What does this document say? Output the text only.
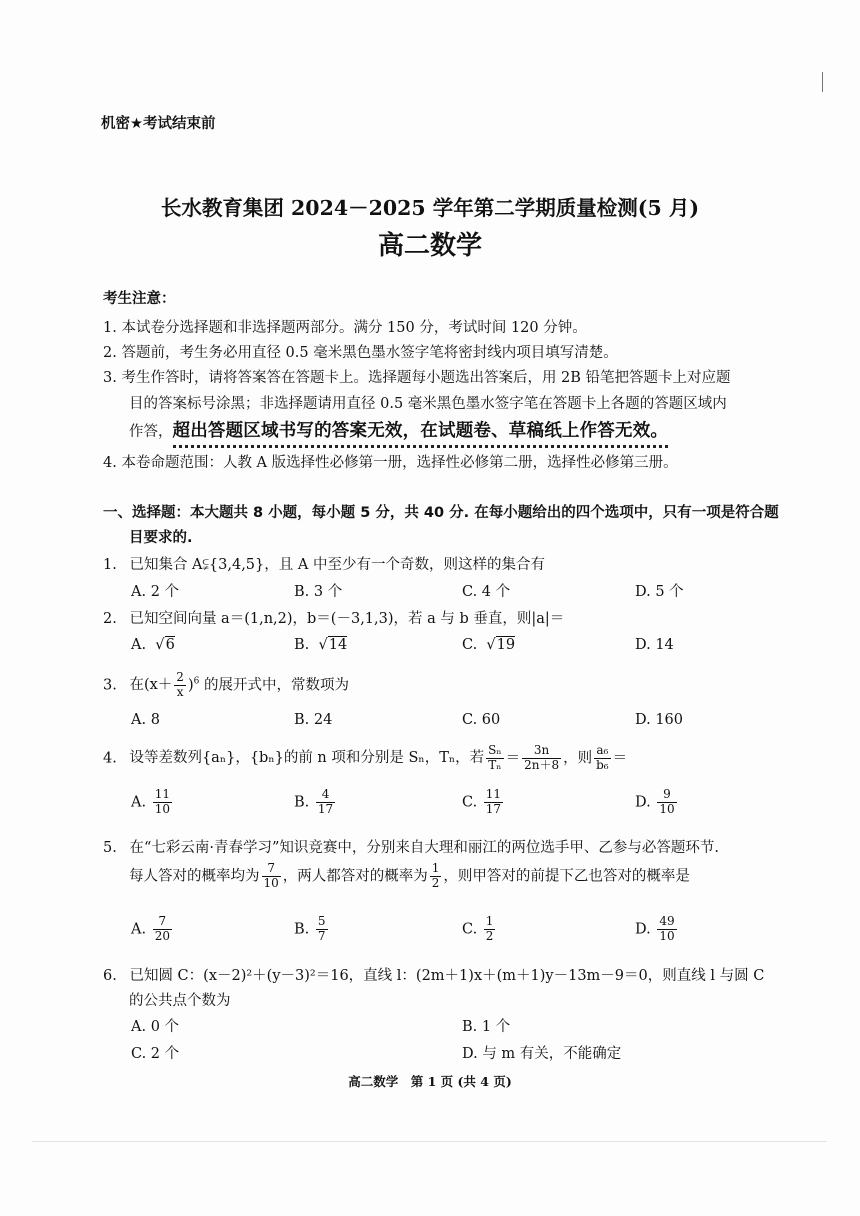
机密★考试结束前
长水教育集团 2024－2025 学年第二学期质量检测(5 月)
高二数学
考生注意：
1. 本试卷分选择题和非选择题两部分。满分 150 分，考试时间 120 分钟。
2. 答题前，考生务必用直径 0.5 毫米黑色墨水签字笔将密封线内项目填写清楚。
3. 考生作答时，请将答案答在答题卡上。选择题每小题选出答案后，用 2B 铅笔把答题卡上对应题
目的答案标号涂黑；非选择题请用直径 0.5 毫米黑色墨水签字笔在答题卡上各题的答题区域内
作答，超出答题区域书写的答案无效，在试题卷、草稿纸上作答无效。
4. 本卷命题范围：人教 A 版选择性必修第一册，选择性必修第二册，选择性必修第三册。
一、选择题：本大题共 8 小题，每小题 5 分，共 40 分. 在每小题给出的四个选项中，只有一项是符合题
目要求的.
1. 已知集合 A⫋{3,4,5}，且 A 中至少有一个奇数，则这样的集合有
A. 2 个	B. 3 个	C. 4 个	D. 5 个
2. 已知空间向量 a＝(1,n,2)，b＝(－3,1,3)，若 a 与 b 垂直，则|a|＝
A.  √6	B.  √14	C.  √19	D. 14
3. 在$(x+ \frac{2}{x} )^6$ 的展开式中，常数项为
A. 8	B. 24	C. 60	D. 160
4. 设等差数列{aₙ}，{bₙ}的前 n 项和分别是 Sₙ，Tₙ，若 $\frac{\text{Sₙ}}{\text{Tₙ}} = \frac{3n}{2n+8}$ ，则 $\frac{\text{a₆}}{\text{b₆}}$ ＝
A. $\frac{11}{10}$	B. $\frac{4}{17}$	C. $\frac{11}{17}$	D. $\frac{9}{10}$
5. 在“七彩云南·青春学习”知识竞赛中，分别来自大理和丽江的两位选手甲、乙参与必答题环节.
每人答对的概率均为 $\frac{7}{10}$ ，两人都答对的概率为 $\frac{1}{2}$ ，则甲答对的前提下乙也答对的概率是
A. $\frac{7}{20}$	B. $\frac{5}{7}$	C. $\frac{1}{2}$	D. $\frac{49}{10}$
6. 已知圆 C：(x－2)²＋(y－3)²＝16，直线 l：(2m＋1)x＋(m＋1)y－13m－9＝0，则直线 l 与圆 C
的公共点个数为
A. 0 个	B. 1 个
C. 2 个	D. 与 m 有关，不能确定
高二数学　第 1 页 (共 4 页)
